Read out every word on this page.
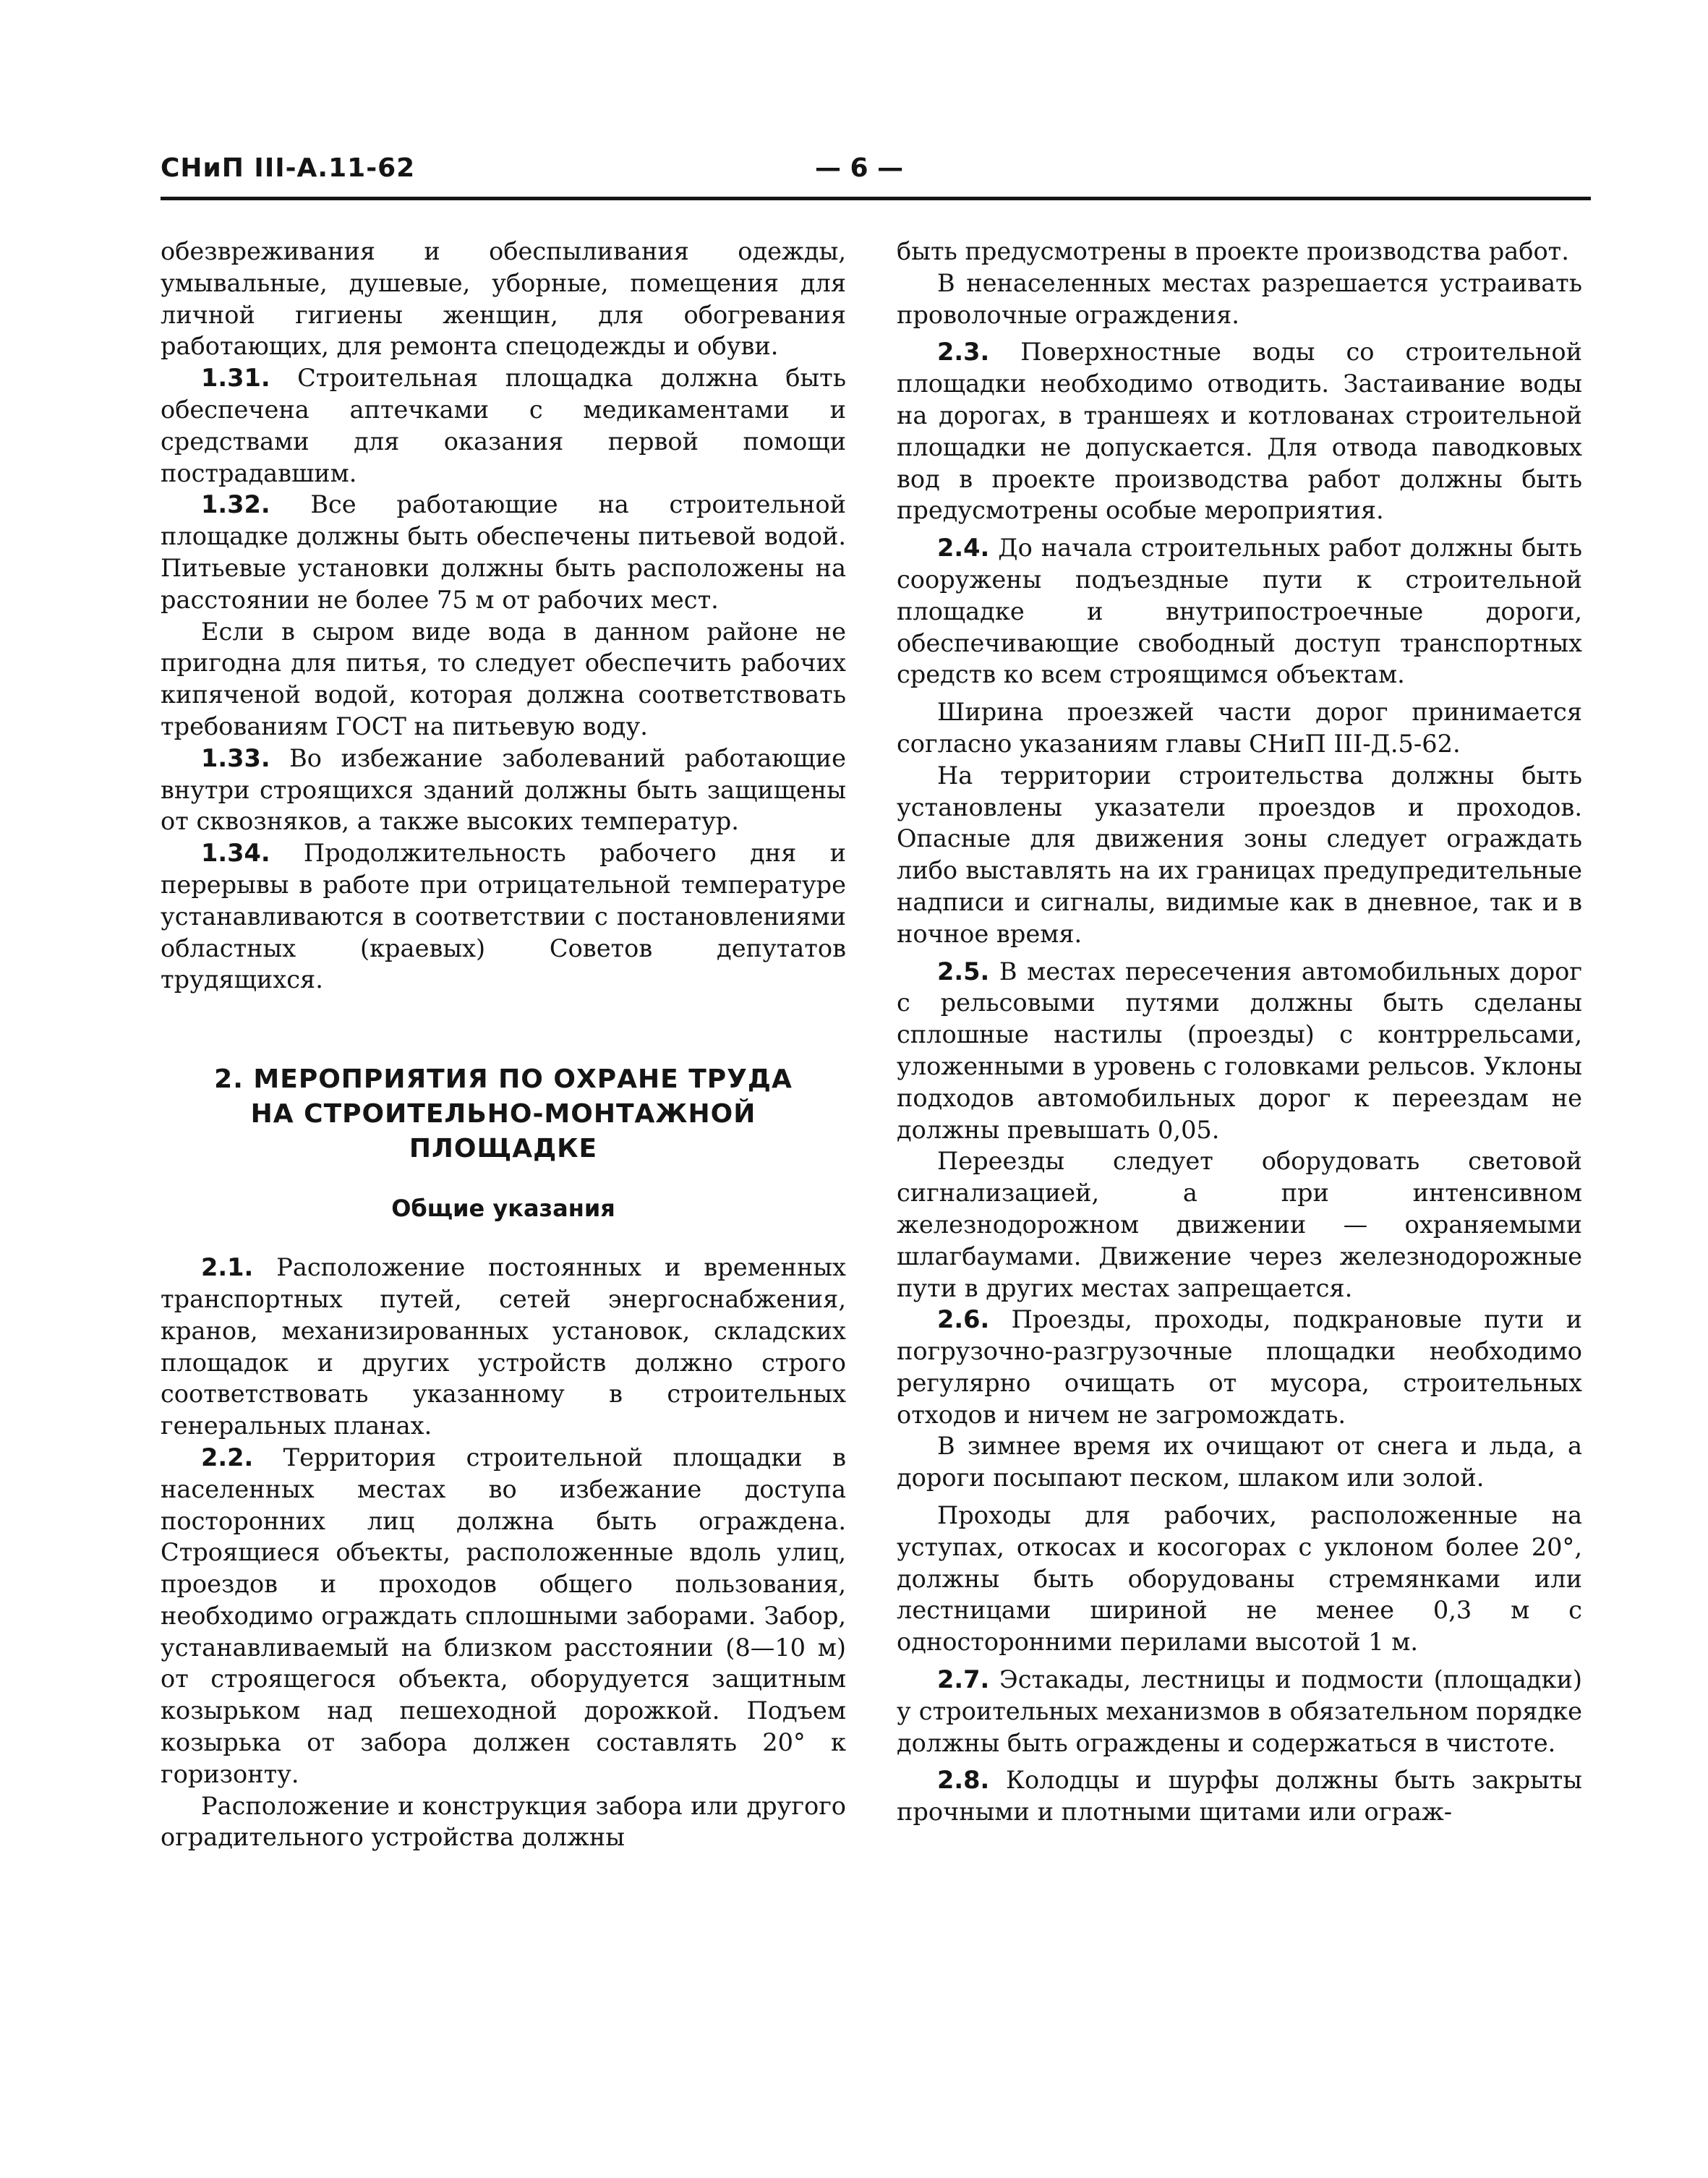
СНиП III-А.11-62	— 6 —

обезвреживания и обеспыливания одежды, умывальные, душевые, уборные, помещения для личной гигиены женщин, для обогревания работающих, для ремонта спецодежды и обуви.

1.31. Строительная площадка должна быть обеспечена аптечками с медикаментами и средствами для оказания первой помощи пострадавшим.

1.32. Все работающие на строительной площадке должны быть обеспечены питьевой водой. Питьевые установки должны быть расположены на расстоянии не более 75 м от рабочих мест.

Если в сыром виде вода в данном районе не пригодна для питья, то следует обеспечить рабочих кипяченой водой, которая должна соответствовать требованиям ГОСТ на питьевую воду.

1.33. Во избежание заболеваний работающие внутри строящихся зданий должны быть защищены от сквозняков, а также высоких температур.

1.34. Продолжительность рабочего дня и перерывы в работе при отрицательной температуре устанавливаются в соответствии с постановлениями областных (краевых) Советов депутатов трудящихся.

2. МЕРОПРИЯТИЯ ПО ОХРАНЕ ТРУДА
НА СТРОИТЕЛЬНО-МОНТАЖНОЙ
ПЛОЩАДКЕ
Общие указания

2.1. Расположение постоянных и временных транспортных путей, сетей энергоснабжения, кранов, механизированных установок, складских площадок и других устройств должно строго соответствовать указанному в строительных генеральных планах.

2.2. Территория строительной площадки в населенных местах во избежание доступа посторонних лиц должна быть ограждена. Строящиеся объекты, расположенные вдоль улиц, проездов и проходов общего пользования, необходимо ограждать сплошными заборами. Забор, устанавливаемый на близком расстоянии (8—10 м) от строящегося объекта, оборудуется защитным козырьком над пешеходной дорожкой. Подъем козырька от забора должен составлять 20° к горизонту.

Расположение и конструкция забора или другого оградительного устройства должны

быть предусмотрены в проекте производства работ.

В ненаселенных местах разрешается устраивать проволочные ограждения.

2.3. Поверхностные воды со строительной площадки необходимо отводить. Застаивание воды на дорогах, в траншеях и котлованах строительной площадки не допускается. Для отвода паводковых вод в проекте производства работ должны быть предусмотрены особые мероприятия.

2.4. До начала строительных работ должны быть сооружены подъездные пути к строительной площадке и внутрипостроечные дороги, обеспечивающие свободный доступ транспортных средств ко всем строящимся объектам.

Ширина проезжей части дорог принимается согласно указаниям главы СНиП III-Д.5-62.

На территории строительства должны быть установлены указатели проездов и проходов. Опасные для движения зоны следует ограждать либо выставлять на их границах предупредительные надписи и сигналы, видимые как в дневное, так и в ночное время.

2.5. В местах пересечения автомобильных дорог с рельсовыми путями должны быть сделаны сплошные настилы (проезды) с контррельсами, уложенными в уровень с головками рельсов. Уклоны подходов автомобильных дорог к переездам не должны превышать 0,05.

Переезды следует оборудовать световой сигнализацией, а при интенсивном железнодорожном движении — охраняемыми шлагбаумами. Движение через железнодорожные пути в других местах запрещается.

2.6. Проезды, проходы, подкрановые пути и погрузочно-разгрузочные площадки необходимо регулярно очищать от мусора, строительных отходов и ничем не загромождать.

В зимнее время их очищают от снега и льда, а дороги посыпают песком, шлаком или золой.

Проходы для рабочих, расположенные на уступах, откосах и косогорах с уклоном более 20°, должны быть оборудованы стремянками или лестницами шириной не менее 0,3 м с односторонними перилами высотой 1 м.

2.7. Эстакады, лестницы и подмости (площадки) у строительных механизмов в обязательном порядке должны быть ограждены и содержаться в чистоте.

2.8. Колодцы и шурфы должны быть закрыты прочными и плотными щитами или ограж-
